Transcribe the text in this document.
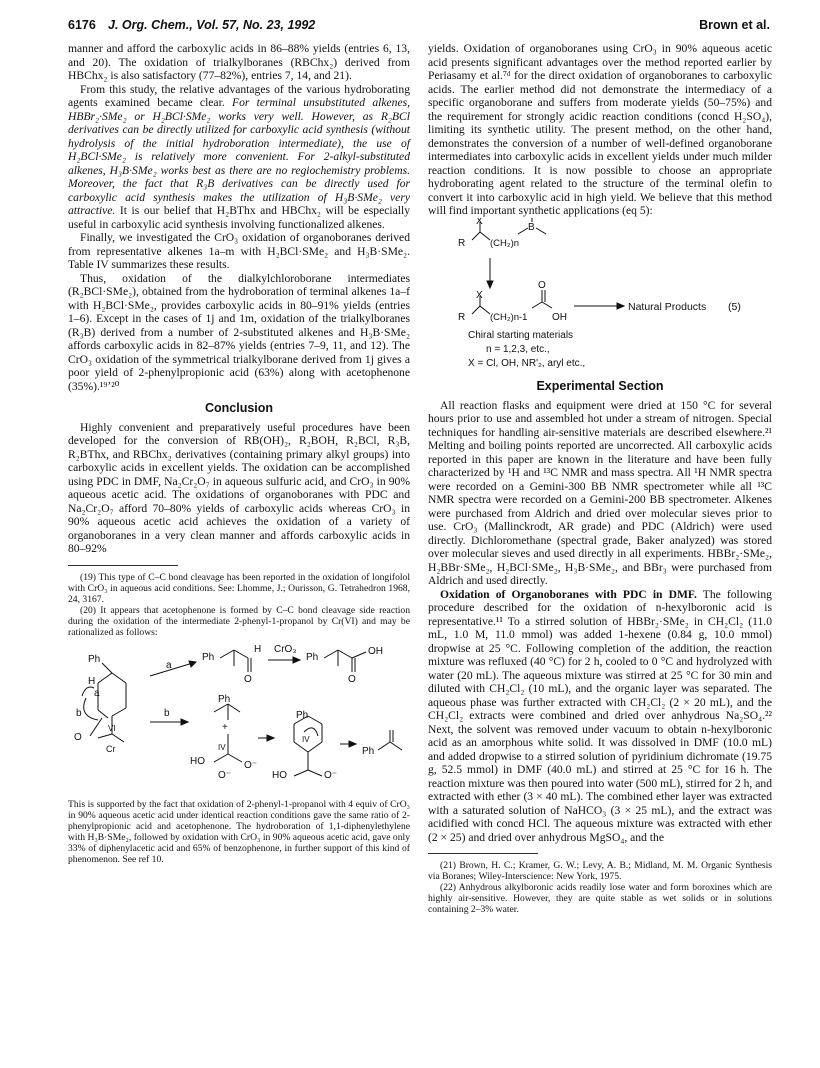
6176 J. Org. Chem., Vol. 57, No. 23, 1992	Brown et al.

manner and afford the carboxylic acids in 86–88% yields (entries 6, 13, and 20). The oxidation of trialkylboranes (RBChx₂) derived from HBChx₂ is also satisfactory (77–82%), entries 7, 14, and 21).

From this study, the relative advantages of the various hydroborating agents examined became clear. For terminal unsubstituted alkenes, HBBr₂·SMe₂ or H₂BCl·SMe₂ works very well. However, as R₂BCl derivatives can be directly utilized for carboxylic acid synthesis (without hydrolysis of the initial hydroboration intermediate), the use of H₂BCl·SMe₂ is relatively more convenient. For 2-alkyl-substituted alkenes, H₃B·SMe₂ works best as there are no regiochemistry problems. Moreover, the fact that R₃B derivatives can be directly used for carboxylic acid synthesis makes the utilization of H₃B·SMe₂ very attractive. It is our belief that H₂BThx and HBChx₂ will be especially useful in carboxylic acid synthesis involving functionalized alkenes.

Finally, we investigated the CrO₃ oxidation of organoboranes derived from representative alkenes 1a–m with H₂BCl·SMe₂ and H₃B·SMe₂. Table IV summarizes these results.

Thus, oxidation of the dialkylchloroborane intermediates (R₂BCl·SMe₂), obtained from the hydroboration of terminal alkenes 1a–f with H₂BCl·SMe₂, provides carboxylic acids in 80–91% yields (entries 1–6). Except in the cases of 1j and 1m, oxidation of the trialkylboranes (R₃B) derived from a number of 2-substituted alkenes and H₃B·SMe₂ affords carboxylic acids in 82–87% yields (entries 7–9, 11, and 12). The CrO₃ oxidation of the symmetrical trialkylborane derived from 1j gives a poor yield of 2-phenylpropionic acid (63%) along with acetophenone (35%).¹⁹ʼ²⁰

Conclusion

Highly convenient and preparatively useful procedures have been developed for the conversion of RB(OH)₂, R₂BOH, R₂BCl, R₃B, R₂BThx, and RBChx₂ derivatives (containing primary alkyl groups) into carboxylic acids in excellent yields. The oxidation can be accomplished using PDC in DMF, Na₂Cr₂O₇ in aqueous sulfuric acid, and CrO₃ in 90% aqueous acetic acid. The oxidations of organoboranes with PDC and Na₂Cr₂O₇ afford 70–80% yields of carboxylic acids whereas CrO₃ in 90% aqueous acetic acid achieves the oxidation of a variety of organoboranes in a very clean manner and affords carboxylic acids in 80–92%

(19) This type of C–C bond cleavage has been reported in the oxidation of longifolol with CrO₃ in aqueous acid conditions. See: Lhomme, J.; Ourisson, G. Tetrahedron 1968, 24, 3167.

(20) It appears that acetophenone is formed by C–C bond cleavage side reaction during the oxidation of the intermediate 2-phenyl-1-propanol by Cr(VI) and may be rationalized as follows:

Ph
H
b
a
O
VI
Cr
a
b
Ph
H
O
CrO₃
Ph
OH
O
Ph
+
IV
HO	O⁻
O⁻
Ph
IV
HO	O⁻
Ph

This is supported by the fact that oxidation of 2-phenyl-1-propanol with 4 equiv of CrO₃ in 90% aqueous acetic acid under identical reaction conditions gave the same ratio of 2-phenylpropionic acid and acetophenone. The hydroboration of 1,1-diphenylethylene with H₃B·SMe₂, followed by oxidation with CrO₃ in 90% aqueous acetic acid, gave only 33% of diphenylacetic acid and 65% of benzophenone, in further support of this kind of phenomenon. See ref 10.

yields. Oxidation of organoboranes using CrO₃ in 90% aqueous acetic acid presents significant advantages over the method reported earlier by Periasamy et al.⁷ᵈ for the direct oxidation of organoboranes to carboxylic acids. The earlier method did not demonstrate the intermediacy of a specific organoborane and suffers from moderate yields (50–75%) and the requirement for strongly acidic reaction conditions (concd H₂SO₄), limiting its synthetic utility. The present method, on the other hand, demonstrates the conversion of a number of well-defined organoborane intermediates into carboxylic acids in excellent yields under much milder reaction conditions. It is now possible to choose an appropriate hydroborating agent related to the structure of the terminal olefin to convert it into carboxylic acid in high yield. We believe that this method will find important synthetic applications (eq 5):

X
R	(CH₂)n
B
X
R	(CH₂)n-1
O
OH
Natural Products (5)
Chiral starting materials
n = 1,2,3, etc.,
X = Cl, OH, NR'₂, aryl etc.,
Experimental Section

All reaction flasks and equipment were dried at 150 °C for several hours prior to use and assembled hot under a stream of nitrogen. Special techniques for handling air-sensitive materials are described elsewhere.²¹ Melting and boiling points reported are uncorrected. All carboxylic acids reported in this paper are known in the literature and have been fully characterized by ¹H and ¹³C NMR and mass spectra. All ¹H NMR spectra were recorded on a Gemini-300 BB NMR spectrometer while all ¹³C NMR spectra were recorded on a Gemini-200 BB spectrometer. Alkenes were purchased from Aldrich and dried over molecular sieves prior to use. CrO₃ (Mallinckrodt, AR grade) and PDC (Aldrich) were used directly. Dichloromethane (spectral grade, Baker analyzed) was stored over molecular sieves and used directly in all experiments. HBBr₂·SMe₂, H₂BBr·SMe₂, H₂BCl·SMe₂, H₃B·SMe₂, and BBr₃ were purchased from Aldrich and used directly.

Oxidation of Organoboranes with PDC in DMF. The following procedure described for the oxidation of n-hexylboronic acid is representative.¹¹ To a stirred solution of HBBr₂·SMe₂ in CH₂Cl₂ (11.0 mL, 1.0 M, 11.0 mmol) was added 1-hexene (0.84 g, 10.0 mmol) dropwise at 25 °C. Following completion of the addition, the reaction mixture was refluxed (40 °C) for 2 h, cooled to 0 °C and hydrolyzed with water (20 mL). The aqueous mixture was stirred at 25 °C for 30 min and diluted with CH₂Cl₂ (10 mL), and the organic layer was separated. The aqueous phase was further extracted with CH₂Cl₂ (2 × 20 mL), and the CH₂Cl₂ extracts were combined and dried over anhydrous Na₂SO₄.²² Next, the solvent was removed under vacuum to obtain n-hexylboronic acid as an amorphous white solid. It was dissolved in DMF (10.0 mL) and added dropwise to a stirred solution of pyridinium dichromate (19.75 g, 52.5 mmol) in DMF (40.0 mL) and stirred at 25 °C for 16 h. The reaction mixture was then poured into water (500 mL), stirred for 2 h, and extracted with ether (3 × 40 mL). The combined ether layer was extracted with a saturated solution of NaHCO₃ (3 × 25 mL), and the extract was acidified with concd HCl. The aqueous mixture was extracted with ether (2 × 25) and dried over anhydrous MgSO₄, and the

(21) Brown, H. C.; Kramer, G. W.; Levy, A. B.; Midland, M. M. Organic Synthesis via Boranes; Wiley-Interscience: New York, 1975.

(22) Anhydrous alkylboronic acids readily lose water and form boroxines which are highly air-sensitive. However, they are quite stable as wet solids or in solutions containing 2–3% water.
